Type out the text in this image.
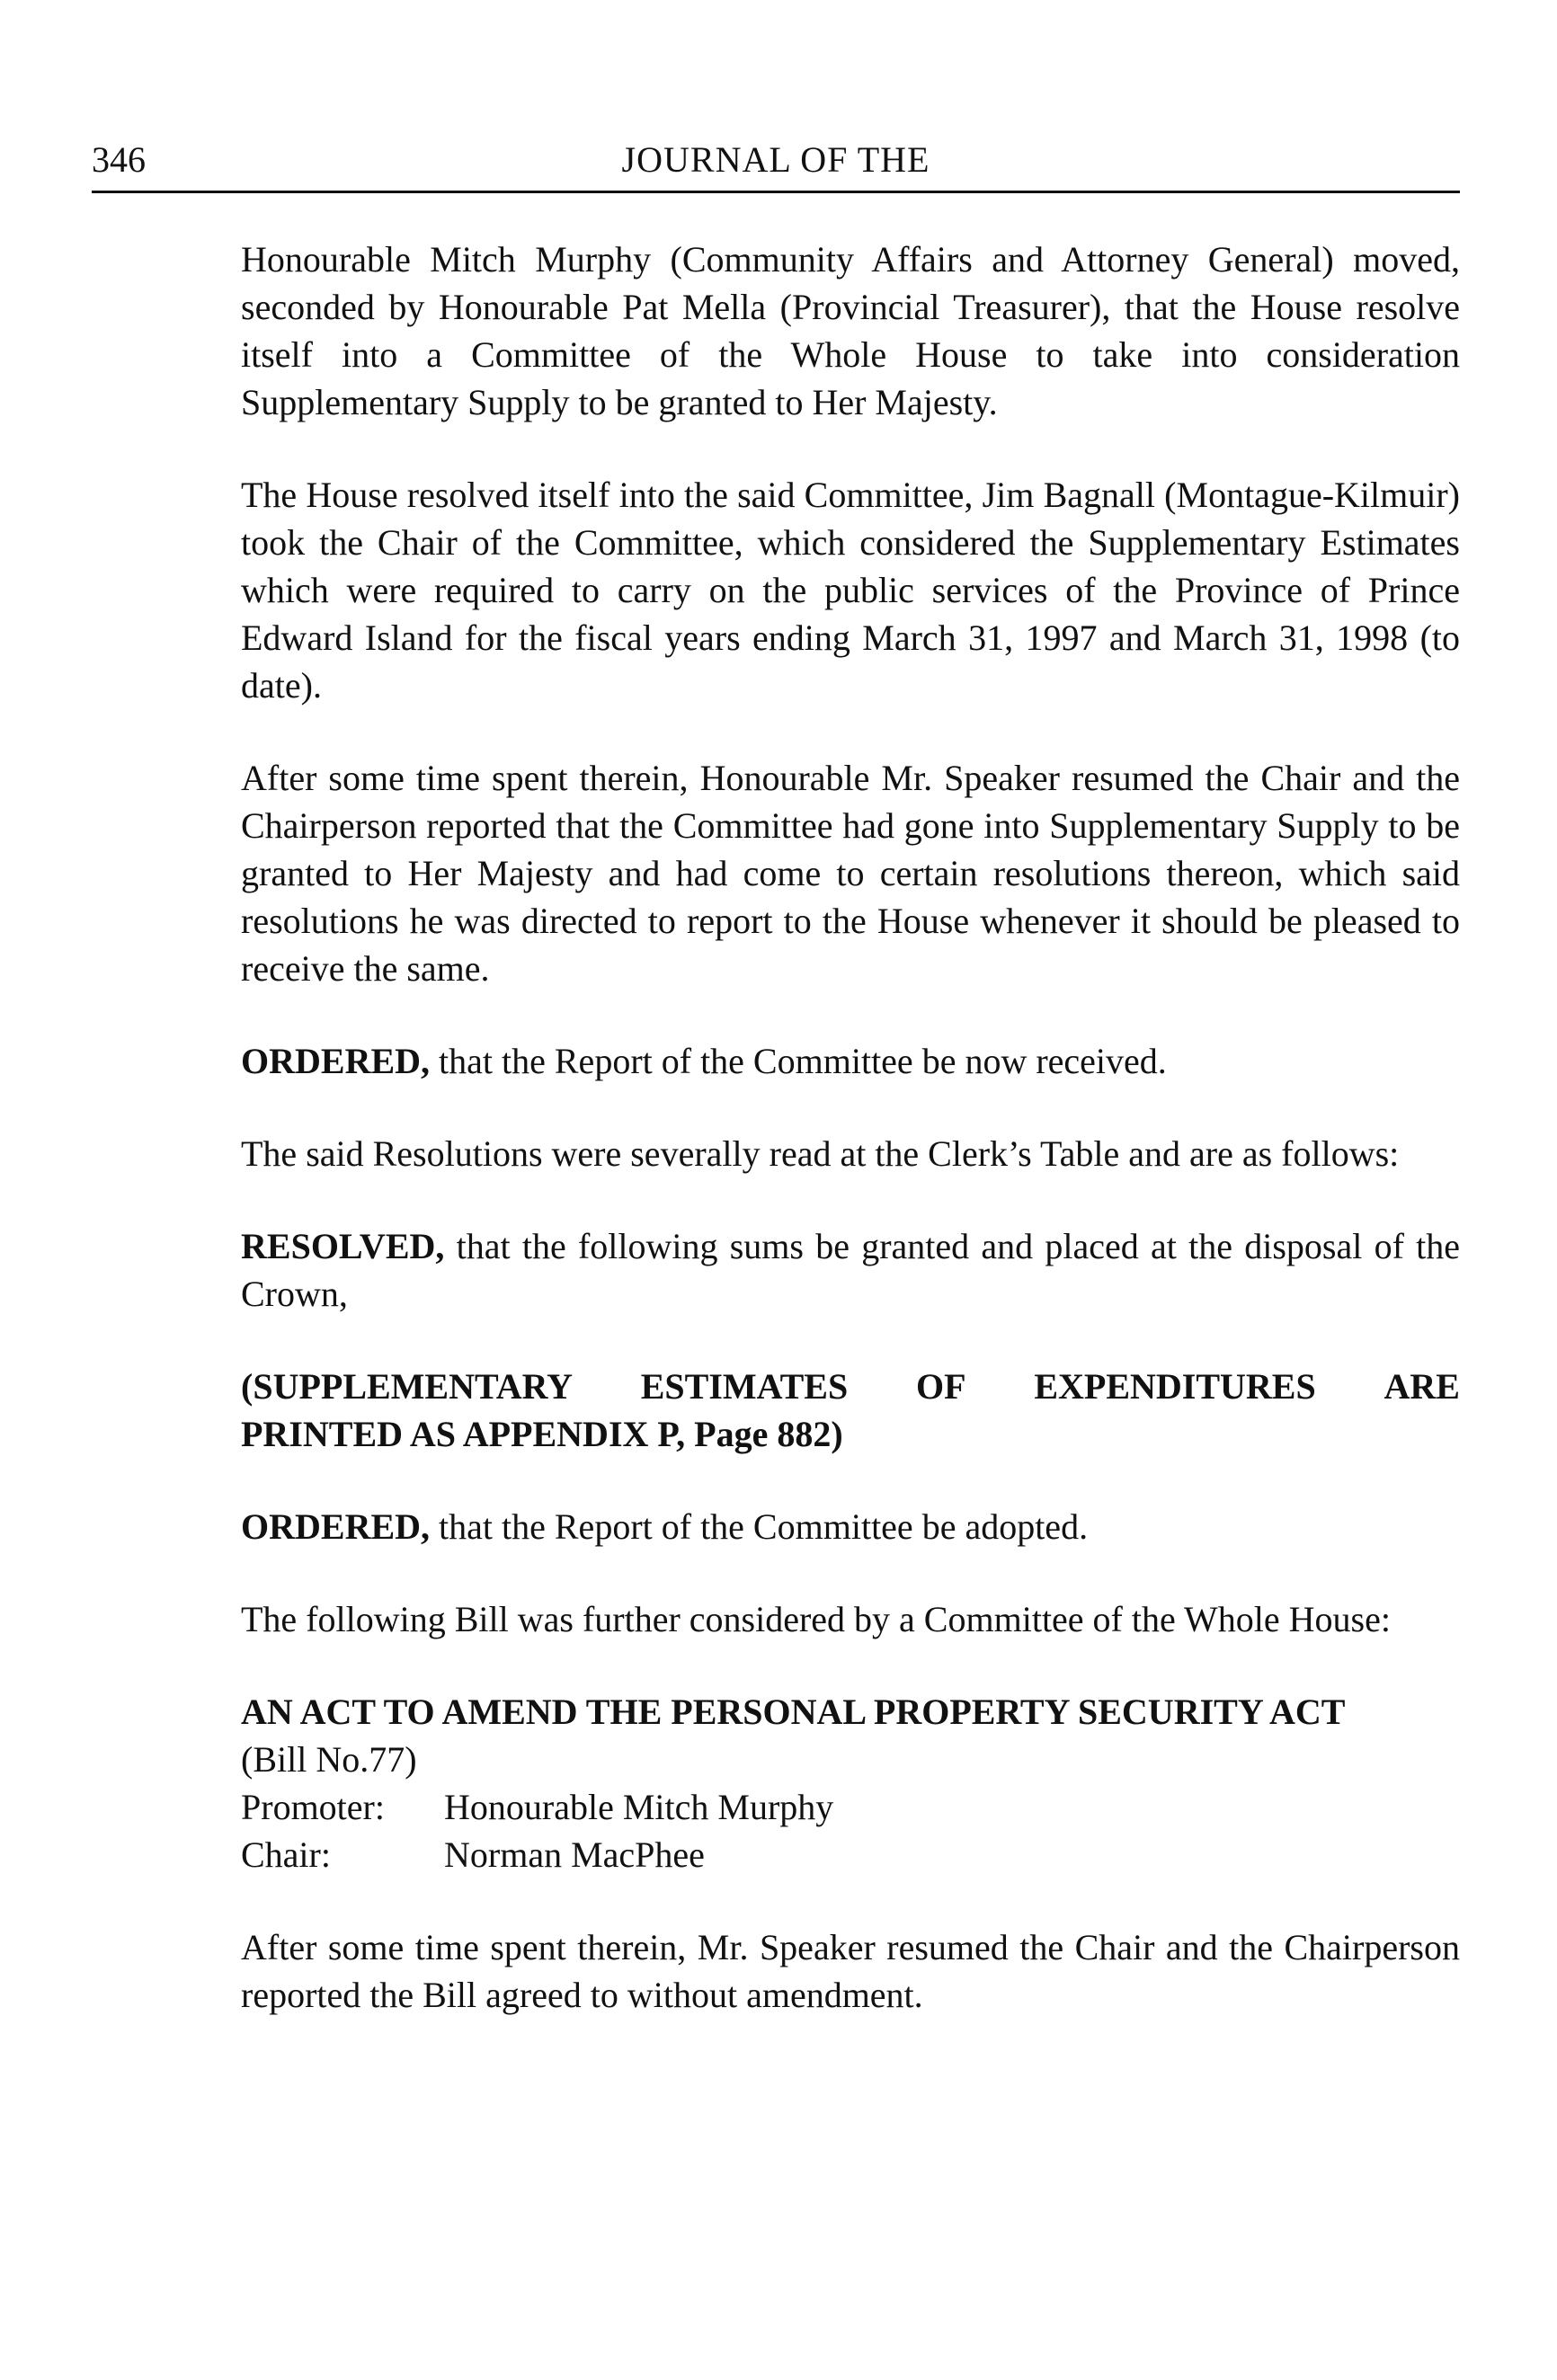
346	JOURNAL OF THE

Honourable Mitch Murphy (Community Affairs and Attorney General) moved, seconded by Honourable Pat Mella (Provincial Treasurer), that the House resolve itself into a Committee of the Whole House to take into consideration Supplementary Supply to be granted to Her Majesty.

The House resolved itself into the said Committee, Jim Bagnall (Montague-Kilmuir) took the Chair of the Committee, which considered the Supplementary Estimates which were required to carry on the public services of the Province of Prince Edward Island for the fiscal years ending March 31, 1997 and March 31, 1998 (to date).

After some time spent therein, Honourable Mr. Speaker resumed the Chair and the Chairperson reported that the Committee had gone into Supplementary Supply to be granted to Her Majesty and had come to certain resolutions thereon, which said resolutions he was directed to report to the House whenever it should be pleased to receive the same.

ORDERED, that the Report of the Committee be now received.

The said Resolutions were severally read at the Clerk’s Table and are as follows:

RESOLVED, that the following sums be granted and placed at the disposal of the Crown,

(SUPPLEMENTARY ESTIMATES OF EXPENDITURES ARE
PRINTED AS APPENDIX P, Page 882)

ORDERED, that the Report of the Committee be adopted.

The following Bill was further considered by a Committee of the Whole House:

AN ACT TO AMEND THE PERSONAL PROPERTY SECURITY ACT

(Bill No.77)

Promoter:	Honourable Mitch Murphy
Chair:	Norman MacPhee

After some time spent therein, Mr. Speaker resumed the Chair and the Chairperson reported the Bill agreed to without amendment.
